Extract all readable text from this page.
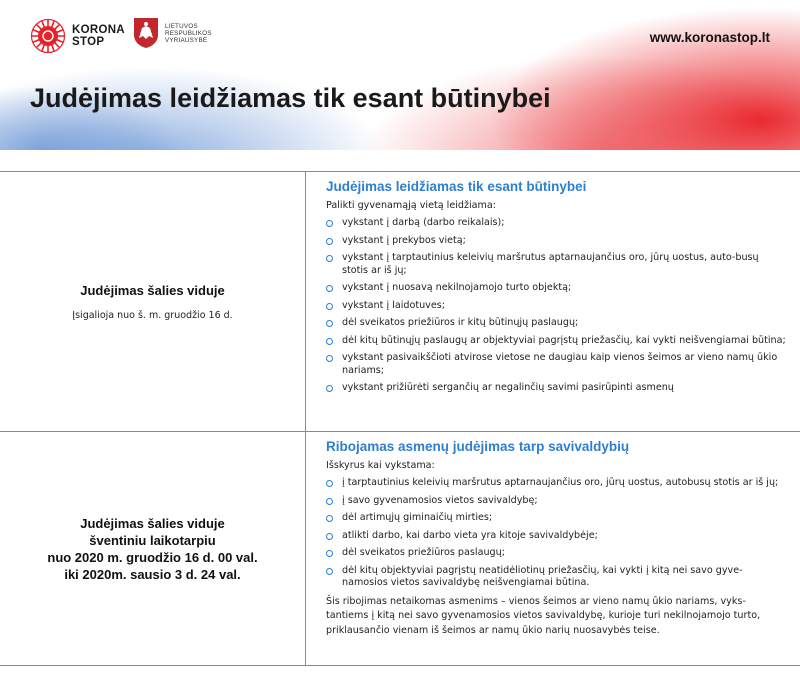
KORONA
STOP
LIETUVOS
RESPUBLIKOS
VYRIAUSYBĖ	www.koronastop.lt
Judėjimas leidžiamas tik esant būtinybei
Judėjimas šalies viduje
Įsigalioja nuo š. m. gruodžio 16 d.
Judėjimas leidžiamas tik esant būtinybei
Palikti gyvenamąją vietą leidžiama:
vykstant į darbą (darbo reikalais);
vykstant į prekybos vietą;
vykstant į tarptautinius keleivių maršrutus aptarnaujančius oro, jūrų uostus, auto-busų stotis ar iš jų;
vykstant į nuosavą nekilnojamojo turto objektą;
vykstant į laidotuves;
dėl sveikatos priežiūros ir kitų būtinųjų paslaugų;
dėl kitų būtinųjų paslaugų ar objektyviai pagrįstų priežasčių, kai vykti neišvengiamai būtina;
vykstant pasivaikščioti atvirose vietose ne daugiau kaip vienos šeimos ar vieno namų ūkio nariams;
vykstant prižiūrėti sergančių ar negalinčių savimi pasirūpinti asmenų
Judėjimas šalies viduje
šventiniu laikotarpiu
nuo 2020 m. gruodžio 16 d. 00 val.
iki 2020m. sausio 3 d. 24 val.
Ribojamas asmenų judėjimas tarp savivaldybių
Išskyrus kai vykstama:
į tarptautinius keleivių maršrutus aptarnaujančius oro, jūrų uostus, autobusų stotis ar iš jų;
į savo gyvenamosios vietos savivaldybę;
dėl artimųjų giminaičių mirties;
atlikti darbo, kai darbo vieta yra kitoje savivaldybėje;
dėl sveikatos priežiūros paslaugų;
dėl kitų objektyviai pagrįstų neatidėliotinų priežasčių, kai vykti į kitą nei savo gyve-namosios vietos savivaldybę neišvengiamai būtina.
Šis ribojimas netaikomas asmenims – vienos šeimos ar vieno namų ūkio nariams, vyks-tantiems į kitą nei savo gyvenamosios vietos savivaldybę, kurioje turi nekilnojamojo turto, priklausančio vienam iš šeimos ar namų ūkio narių nuosavybės teise.
